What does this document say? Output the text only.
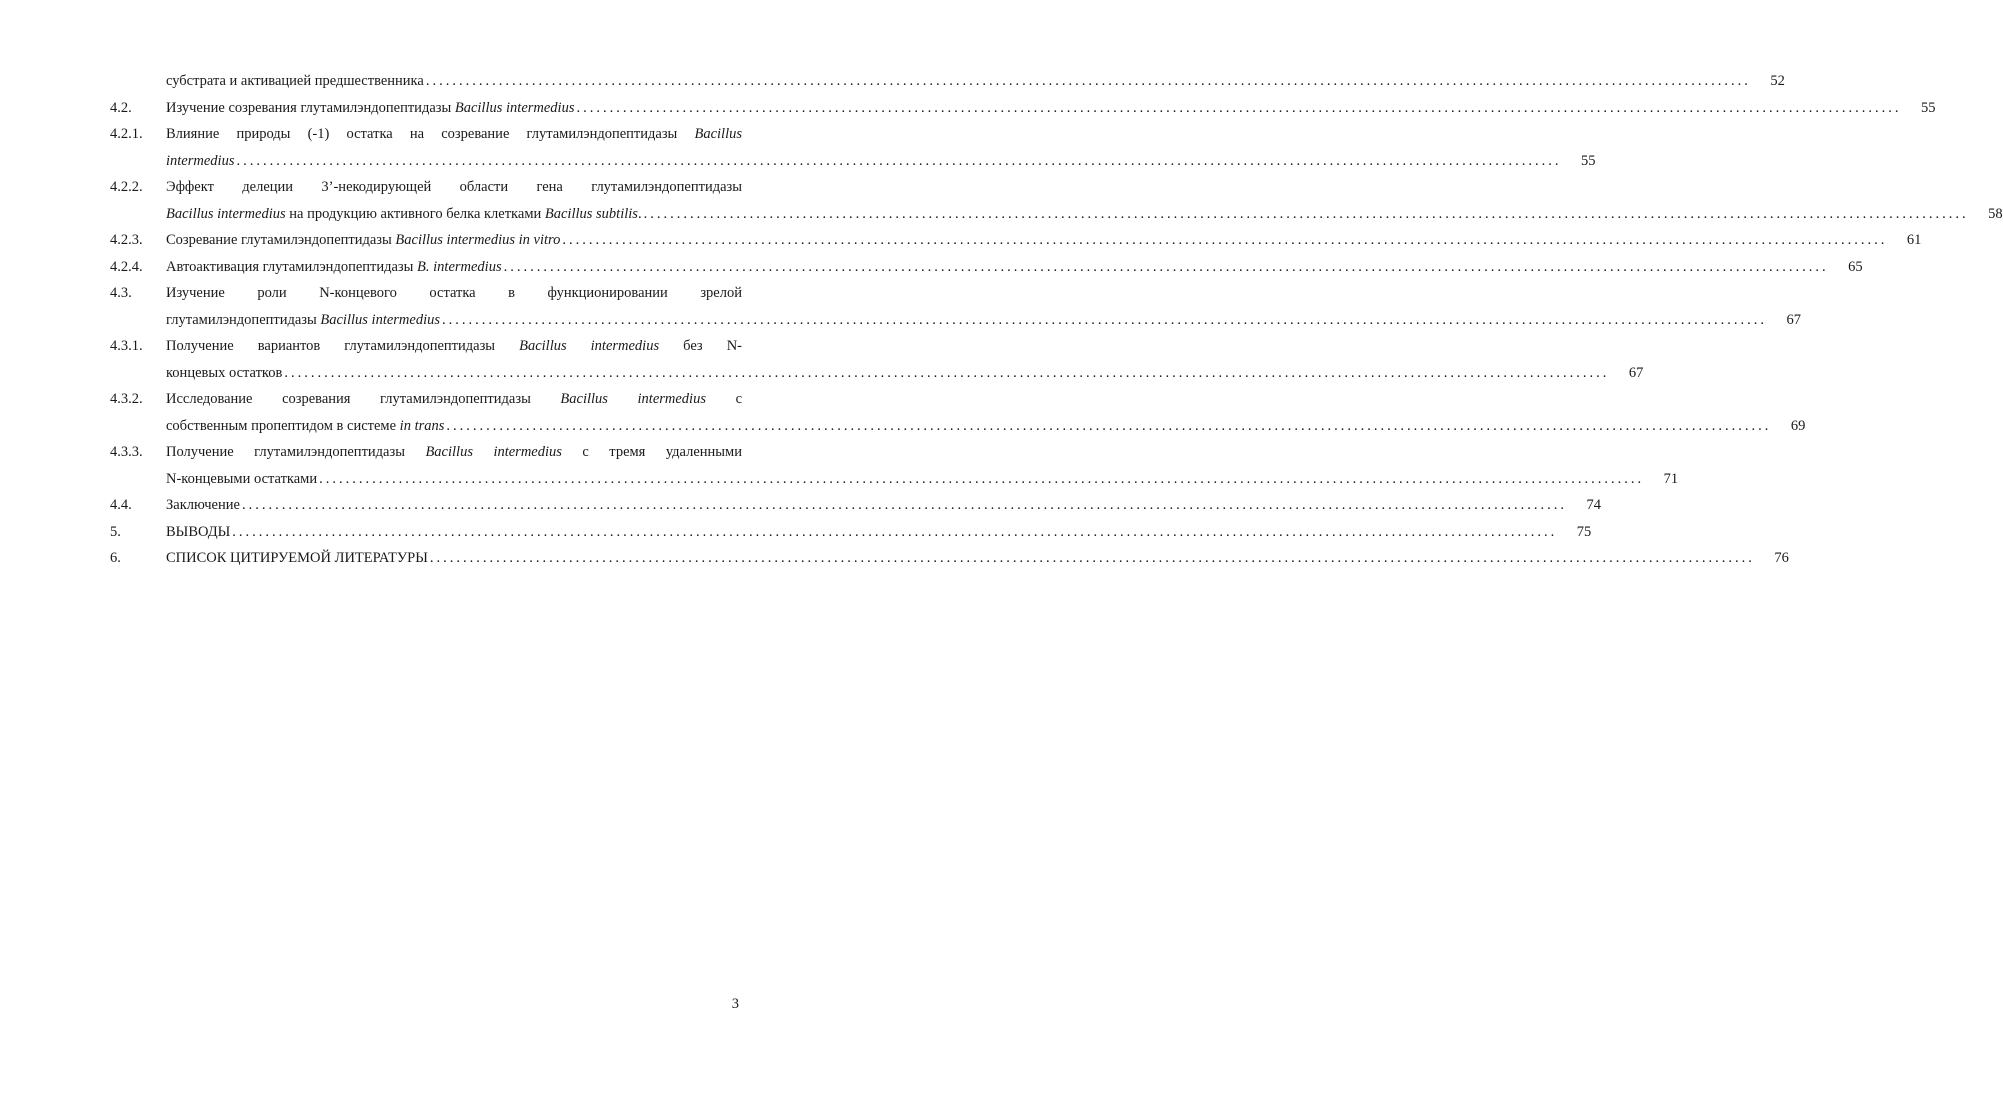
субстрата и активацией предшественника ........................................................................................................................................................................................................	52
4.2. Изучение созревания глутамилэндопептидазы Bacillus intermedius ........................................................................................................................................................................................................	55
4.2.1. Влияние природы (-1) остатка на созревание глутамилэндопептидазы Bacillus
intermedius ........................................................................................................................................................................................................	55
4.2.2. Эффект делеции 3’-некодирующей области гена глутамилэндопептидазы
Bacillus intermedius на продукцию активного белка клетками Bacillus subtilis. ........................................................................................................................................................................................................	58
4.2.3. Созревание глутамилэндопептидазы Bacillus intermedius in vitro ........................................................................................................................................................................................................	61
4.2.4. Автоактивация глутамилэндопептидазы B. intermedius ........................................................................................................................................................................................................	65
4.3. Изучение роли N-концевого остатка в функционировании зрелой
глутамилэндопептидазы Bacillus intermedius ........................................................................................................................................................................................................	67
4.3.1. Получение вариантов глутамилэндопептидазы Bacillus intermedius без N-
концевых остатков ........................................................................................................................................................................................................	67
4.3.2. Исследование созревания глутамилэндопептидазы Bacillus intermedius с
собственным пропептидом в системе in trans ........................................................................................................................................................................................................	69
4.3.3. Получение глутамилэндопептидазы Bacillus intermedius с тремя удаленными
N-концевыми остатками ........................................................................................................................................................................................................	71
4.4. Заключение ........................................................................................................................................................................................................	74
5.	ВЫВОДЫ ........................................................................................................................................................................................................	75
6.	СПИСОК ЦИТИРУЕМОЙ ЛИТЕРАТУРЫ ........................................................................................................................................................................................................	76
3
